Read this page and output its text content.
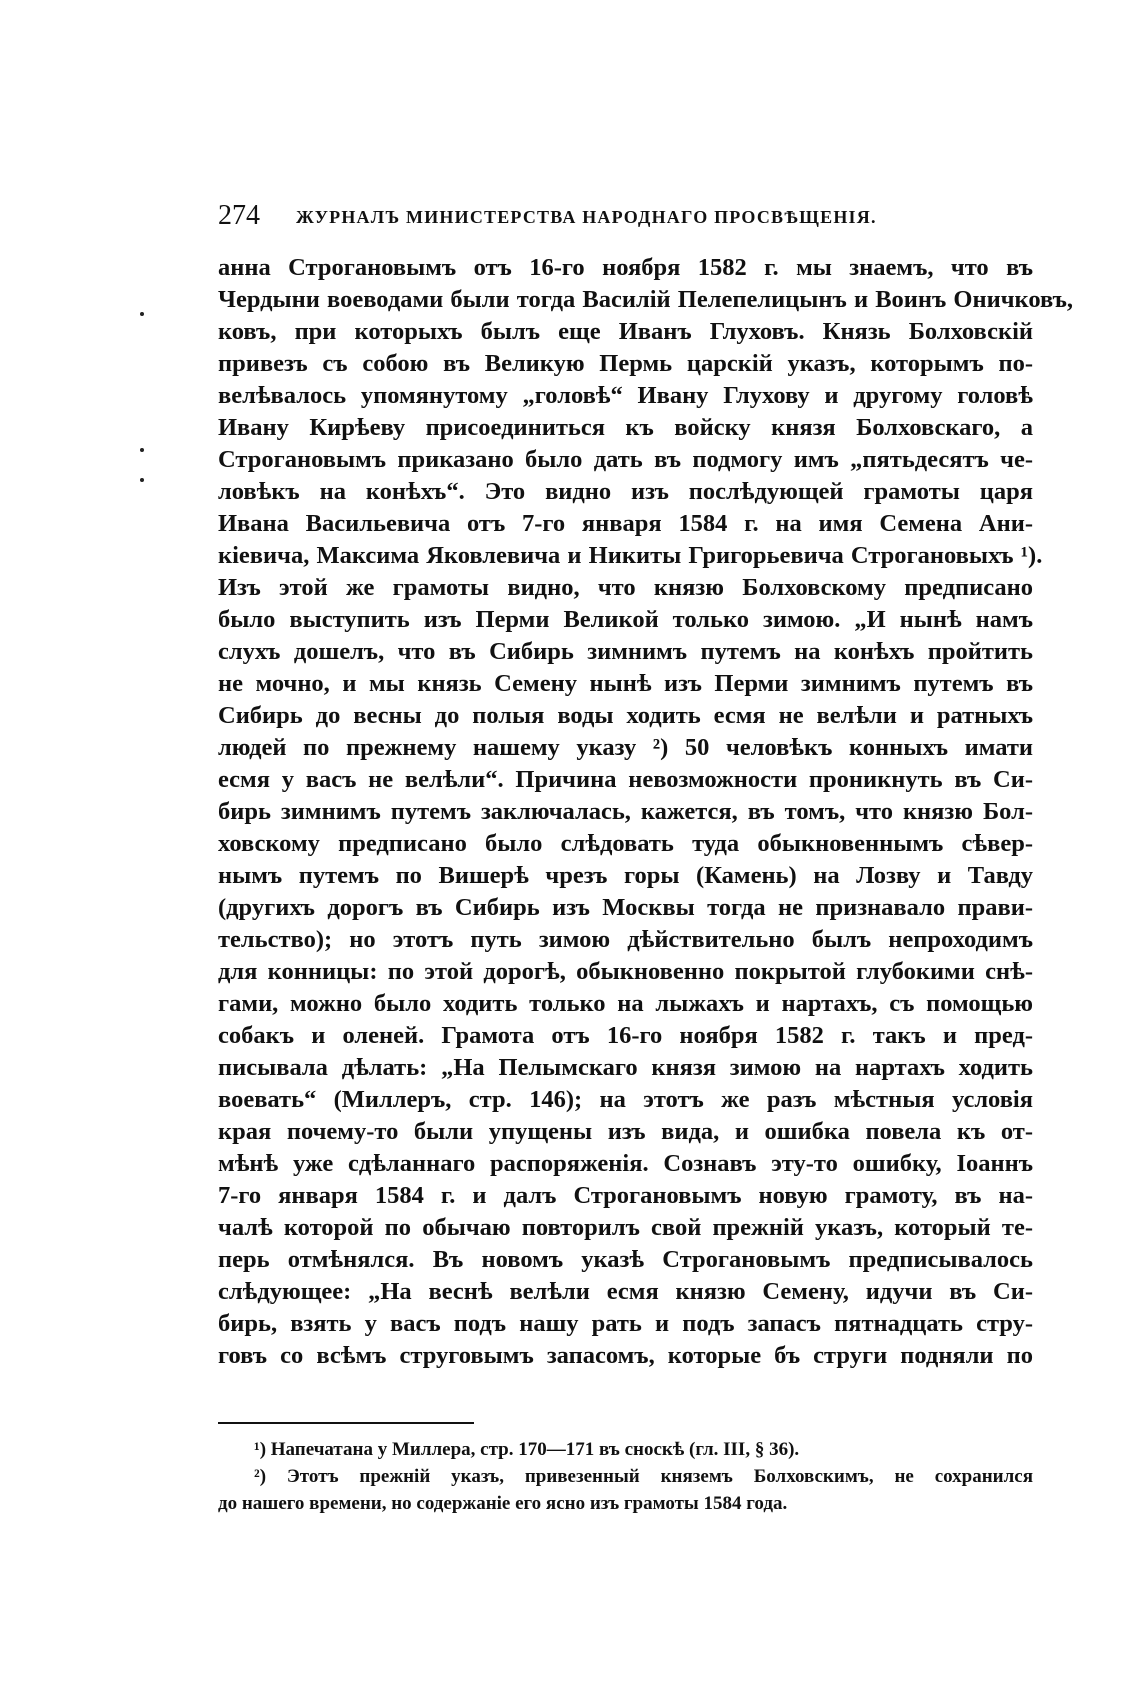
274 ЖУРНАЛЪ МИНИСТЕРСТВА НАРОДНАГО ПРОСВѢЩЕНІЯ.
анна Строгановымъ отъ 16-го ноября 1582 г. мы знаемъ, что въ
Чердыни воеводами были тогда Василій Пелепелицынъ и Воинъ Оничковъ,
ковъ, при которыхъ былъ еще Иванъ Глуховъ. Князь Болховскій
привезъ съ собою въ Великую Пермь царскій указъ, которымъ по-
велѣвалось упомянутому „головѣ“ Ивану Глухову и другому головѣ
Ивану Кирѣеву присоединиться къ войску князя Болховскаго, а
Строгановымъ приказано было дать въ подмогу имъ „пятьдесятъ че-
ловѣкъ на конѣхъ“. Это видно изъ послѣдующей грамоты царя
Ивана Васильевича отъ 7-го января 1584 г. на имя Семена Ани-
кіевича, Максима Яковлевича и Никиты Григорьевича Строгановыхъ ¹).
Изъ этой же грамоты видно, что князю Болховскому предписано
было выступить изъ Перми Великой только зимою. „И нынѣ намъ
слухъ дошелъ, что въ Сибирь зимнимъ путемъ на конѣхъ пройтить
не мочно, и мы князь Семену нынѣ изъ Перми зимнимъ путемъ въ
Сибирь до весны до полыя воды ходить есмя не велѣли и ратныхъ
людей по прежнему нашему указу ²) 50 человѣкъ конныхъ имати
есмя у васъ не велѣли“. Причина невозможности проникнуть въ Си-
бирь зимнимъ путемъ заключалась, кажется, въ томъ, что князю Бол-
ховскому предписано было слѣдовать туда обыкновеннымъ сѣвер-
нымъ путемъ по Вишерѣ чрезъ горы (Камень) на Лозву и Тавду
(другихъ дорогъ въ Сибирь изъ Москвы тогда не признавало прави-
тельство); но этотъ путь зимою дѣйствительно былъ непроходимъ
для конницы: по этой дорогѣ, обыкновенно покрытой глубокими снѣ-
гами, можно было ходить только на лыжахъ и нартахъ, съ помощью
собакъ и оленей. Грамота отъ 16-го ноября 1582 г. такъ и пред-
писывала дѣлать: „На Пелымскаго князя зимою на нартахъ ходить
воевать“ (Миллеръ, стр. 146); на этотъ же разъ мѣстныя условія
края почему-то были упущены изъ вида, и ошибка повела къ от-
мѣнѣ уже сдѣланнаго распоряженія. Сознавъ эту-то ошибку, Іоаннъ
7-го января 1584 г. и далъ Строгановымъ новую грамоту, въ на-
чалѣ которой по обычаю повторилъ свой прежній указъ, который те-
перь отмѣнялся. Въ новомъ указѣ Строгановымъ предписывалось
слѣдующее: „На веснѣ велѣли есмя князю Семену, идучи въ Си-
бирь, взять у васъ подъ нашу рать и подъ запасъ пятнадцать стру-
говъ со всѣмъ струговымъ запасомъ, которые бъ струги подняли по
¹) Напечатана у Миллера, стр. 170—171 въ сноскѣ (гл. III, § 36).
²) Этотъ прежній указъ, привезенный княземъ Болховскимъ, не сохранился
до нашего времени, но содержаніе его ясно изъ грамоты 1584 года.
